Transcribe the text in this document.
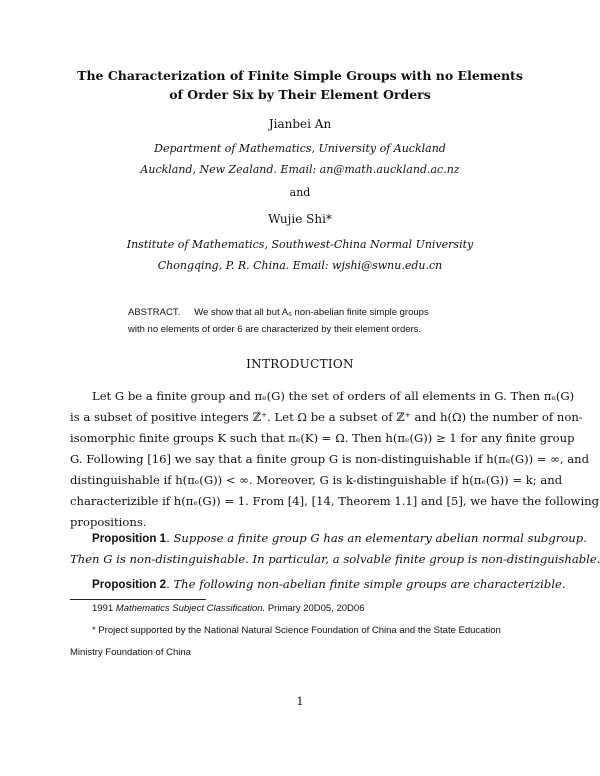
The Characterization of Finite Simple Groups with no Elements
of Order Six by Their Element Orders
Jianbei An
Department of Mathematics, University of Auckland
Auckland, New Zealand. Email: an@math.auckland.ac.nz
and
Wujie Shi*
Institute of Mathematics, Southwest-China Normal University
Chongqing, P. R. China. Email: wjshi@swnu.edu.cn
ABSTRACT. We show that all but A₆ non-abelian finite simple groups
with no elements of order 6 are characterized by their element orders.
INTRODUCTION
Let G be a finite group and πₑ(G) the set of orders of all elements in G. Then πₑ(G)
is a subset of positive integers ℤ⁺. Let Ω be a subset of ℤ⁺ and h(Ω) the number of non-
isomorphic finite groups K such that πₑ(K) = Ω. Then h(πₑ(G)) ≥ 1 for any finite group
G. Following [16] we say that a finite group G is non-distinguishable if h(πₑ(G)) = ∞, and
distinguishable if h(πₑ(G)) < ∞. Moreover, G is k-distinguishable if h(πₑ(G)) = k; and
characterizible if h(πₑ(G)) = 1. From [4], [14, Theorem 1.1] and [5], we have the following
propositions.
Proposition 1. Suppose a finite group G has an elementary abelian normal subgroup.
Then G is non-distinguishable. In particular, a solvable finite group is non-distinguishable.
Proposition 2. The following non-abelian finite simple groups are characterizible.
1991 Mathematics Subject Classification. Primary 20D05, 20D06
* Project supported by the National Natural Science Foundation of China and the State Education
Ministry Foundation of China
1
